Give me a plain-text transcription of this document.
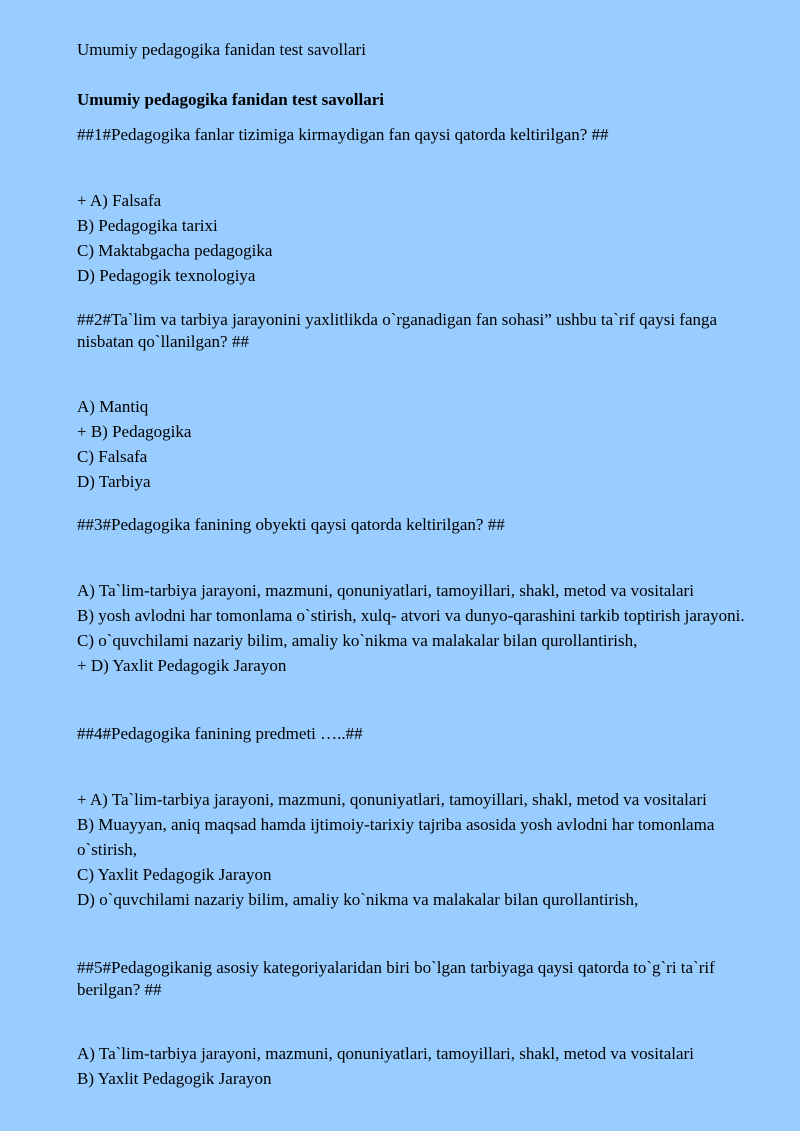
Umumiy pedagogika fanidan test savollari
Umumiy pedagogika fanidan test savollari
##1#Pedagogika fanlar tizimiga kirmaydigan fan qaysi qatorda keltirilgan? ##
+ A) Falsafa
B) Pedagogika tarixi
C) Maktabgacha pedagogika
D) Pedagogik texnologiya
##2#Ta`lim va tarbiya jarayonini yaxlitlikda o`rganadigan fan sohasi” ushbu ta`rif qaysi fanga nisbatan qo`llanilgan? ##
A) Mantiq
+ B) Pedagogika
C) Falsafa
D) Tarbiya
##3#Pedagogika fanining obyekti qaysi qatorda keltirilgan? ##
A) Ta`lim-tarbiya jarayoni, mazmuni, qonuniyatlari, tamoyillari, shakl, metod va vositalari
B) yosh avlodni har tomonlama o`stirish, xulq- atvori va dunyo-qarashini tarkib toptirish jarayoni.
C) o`quvchilami nazariy bilim, amaliy ko`nikma va malakalar bilan qurollantirish,
+ D) Yaxlit Pedagogik Jarayon
##4#Pedagogika fanining predmeti …..##
+ A) Ta`lim-tarbiya jarayoni, mazmuni, qonuniyatlari, tamoyillari, shakl, metod va vositalari
B) Muayyan, aniq maqsad hamda ijtimoiy-tarixiy tajriba asosida yosh avlodni har tomonlama o`stirish,
C) Yaxlit Pedagogik Jarayon
D) o`quvchilami nazariy bilim, amaliy ko`nikma va malakalar bilan qurollantirish,
##5#Pedagogikanig asosiy kategoriyalaridan biri bo`lgan tarbiyaga qaysi qatorda to`g`ri ta`rif berilgan? ##
A) Ta`lim-tarbiya jarayoni, mazmuni, qonuniyatlari, tamoyillari, shakl, metod va vositalari
B) Yaxlit Pedagogik Jarayon
